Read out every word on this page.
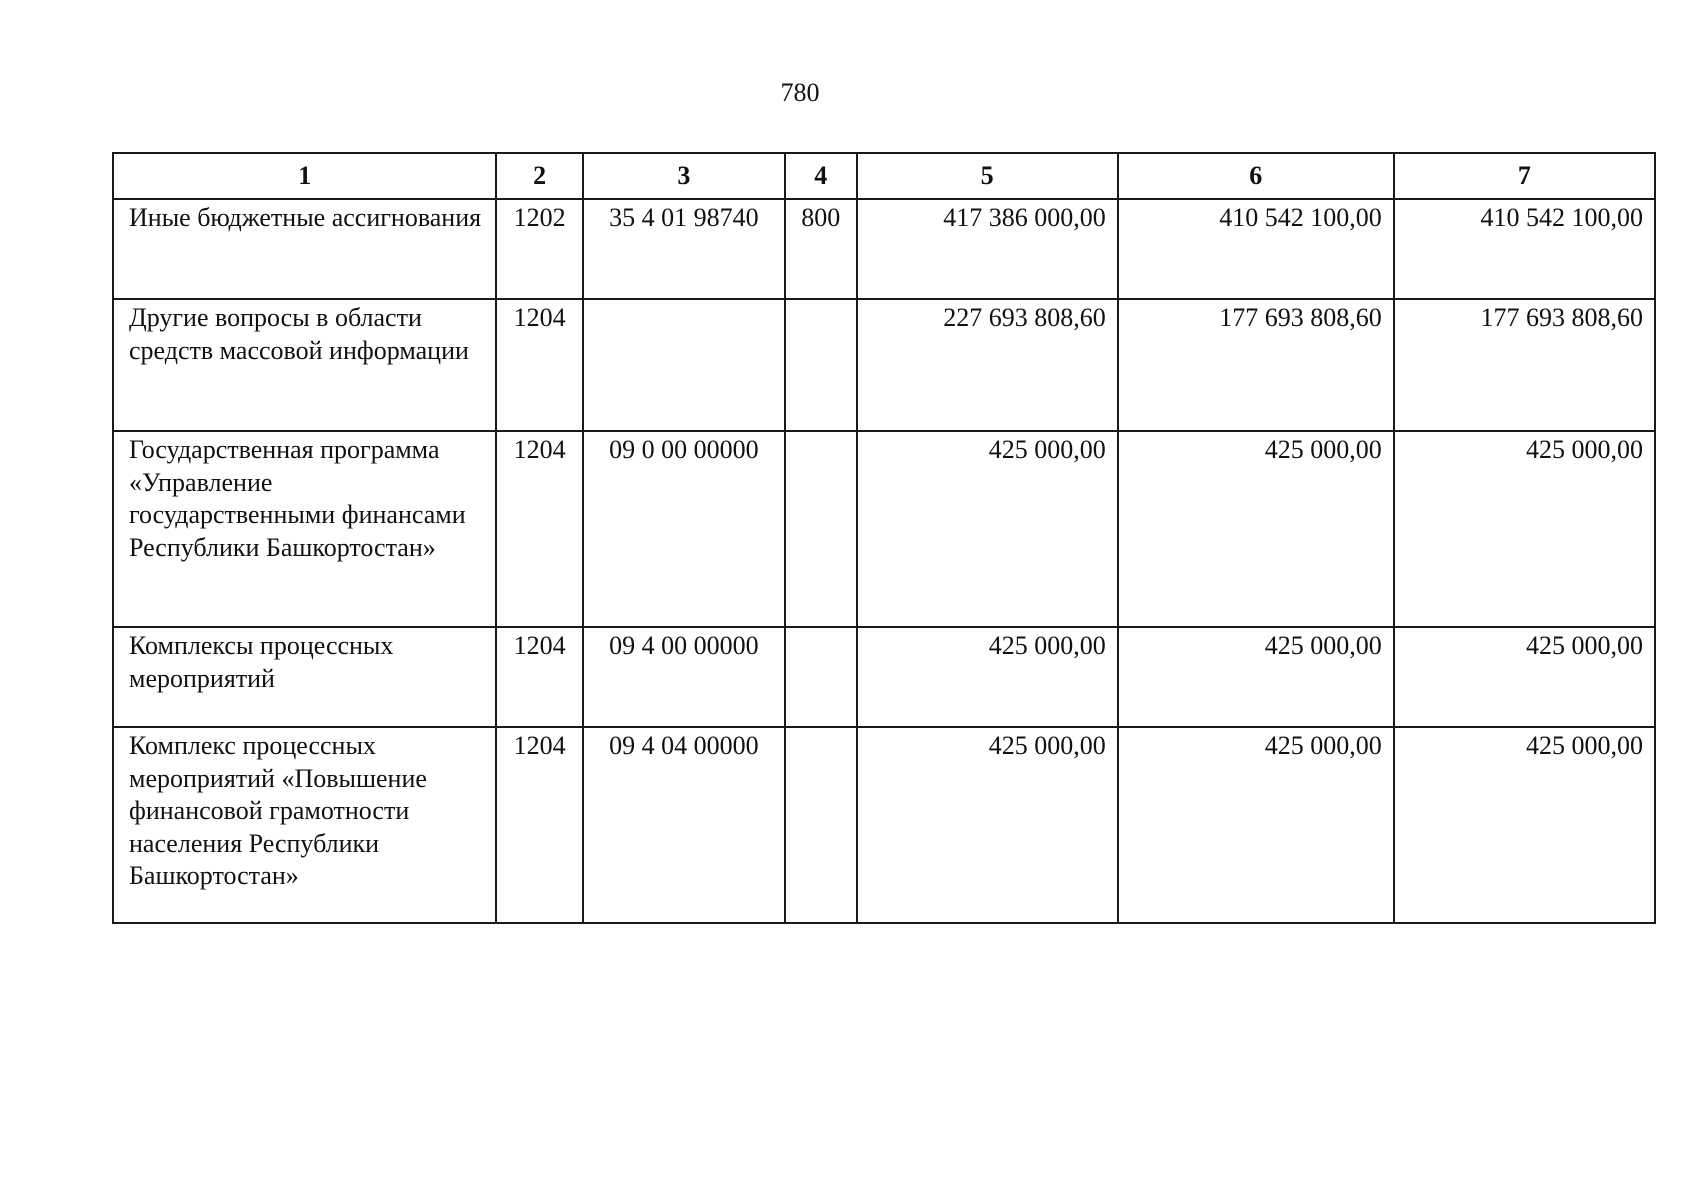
780
1	2	3	4	5	6	7
Иные бюджетные ассигнования	1202	35 4 01 98740	800	417 386 000,00	410 542 100,00	410 542 100,00
Другие вопросы в области средств массовой информации	1204			227 693 808,60	177 693 808,60	177 693 808,60
Государственная программа «Управление государственными финансами Республики Башкортостан»	1204	09 0 00 00000		425 000,00	425 000,00	425 000,00
Комплексы процессных мероприятий	1204	09 4 00 00000		425 000,00	425 000,00	425 000,00
Комплекс процессных мероприятий «Повышение финансовой грамотности населения Республики Башкортостан»	1204	09 4 04 00000		425 000,00	425 000,00	425 000,00
